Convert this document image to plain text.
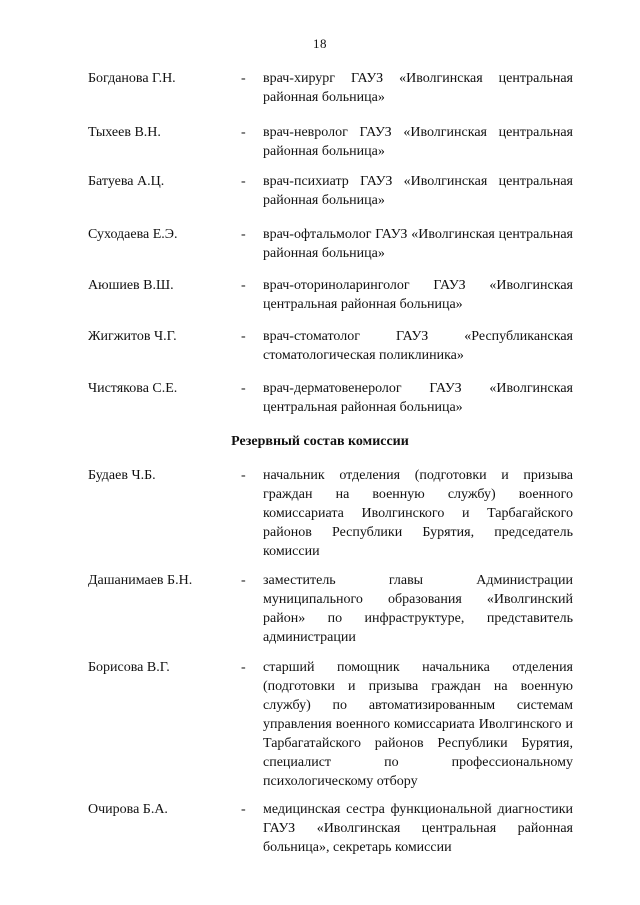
18
Богданова Г.Н.	- врач-хирург ГАУЗ «Иволгинская центральная районная больница»
Тыхеев В.Н.	- врач-невролог ГАУЗ «Иволгинская центральная районная больница»
Батуева А.Ц.	- врач-психиатр ГАУЗ «Иволгинская центральная районная больница»
Суходаева Е.Э.	- врач-офтальмолог ГАУЗ «Иволгинская центральная районная больница»
Аюшиев В.Ш.	- врач-оториноларинголог ГАУЗ «Иволгинская центральная районная больница»
Жигжитов Ч.Г.	- врач-стоматолог ГАУЗ «Республиканская стоматологическая поликлиника»
Чистякова С.Е.	- врач-дерматовенеролог ГАУЗ «Иволгинская центральная районная больница»
Резервный состав комиссии
Будаев Ч.Б.	- начальник отделения (подготовки и призыва граждан на военную службу) военного комиссариата Иволгинского и Тарбагайского районов Республики Бурятия, председатель комиссии
Дашанимаев Б.Н.	- заместитель главы Администрации муниципального образования «Иволгинский район» по инфраструктуре, представитель администрации
Борисова В.Г.	- старший помощник начальника отделения (подготовки и призыва граждан на военную службу) по автоматизированным системам управления военного комиссариата Иволгинского и Тарбагатайского районов Республики Бурятия, специалист по профессиональному психологическому отбору
Очирова Б.А.	- медицинская сестра функциональной диагностики ГАУЗ «Иволгинская центральная районная больница», секретарь комиссии
